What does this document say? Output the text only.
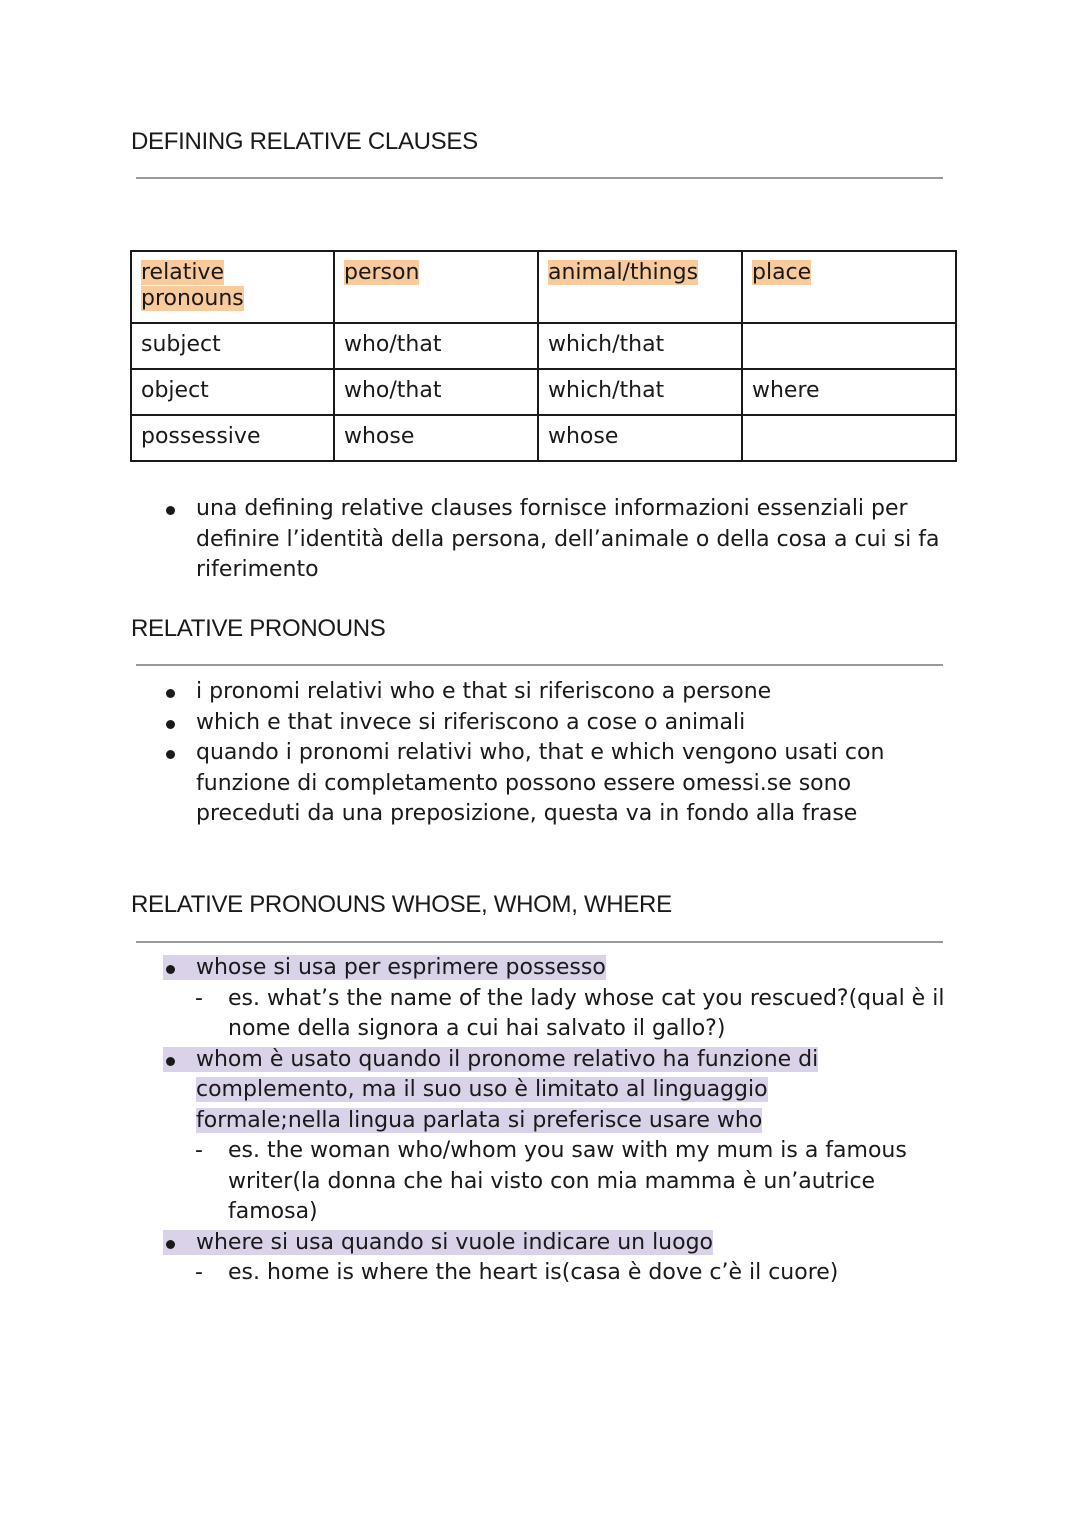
DEFINING RELATIVE CLAUSES
relative pronouns	person	animal/things	place
subject	who/that	which/that	
object	who/that	which/that	where
possessive	whose	whose	
una defining relative clauses fornisce informazioni essenziali per definire l’identità della persona, dell’animale o della cosa a cui si fa riferimento
RELATIVE PRONOUNS
i pronomi relativi who e that si riferiscono a persone
which e that invece si riferiscono a cose o animali
quando i pronomi relativi who, that e which vengono usati con funzione di completamento possono essere omessi.se sono preceduti da una preposizione, questa va in fondo alla frase
RELATIVE PRONOUNS WHOSE, WHOM, WHERE
whose si usa per esprimere possesso
- es. what’s the name of the lady whose cat you rescued?(qual è il nome della signora a cui hai salvato il gallo?)
whom è usato quando il pronome relativo ha funzione di complemento, ma il suo uso è limitato al linguaggio formale;nella lingua parlata si preferisce usare who
- es. the woman who/whom you saw with my mum is a famous writer(la donna che hai visto con mia mamma è un’autrice famosa)
where si usa quando si vuole indicare un luogo
- es. home is where the heart is(casa è dove c’è il cuore)
